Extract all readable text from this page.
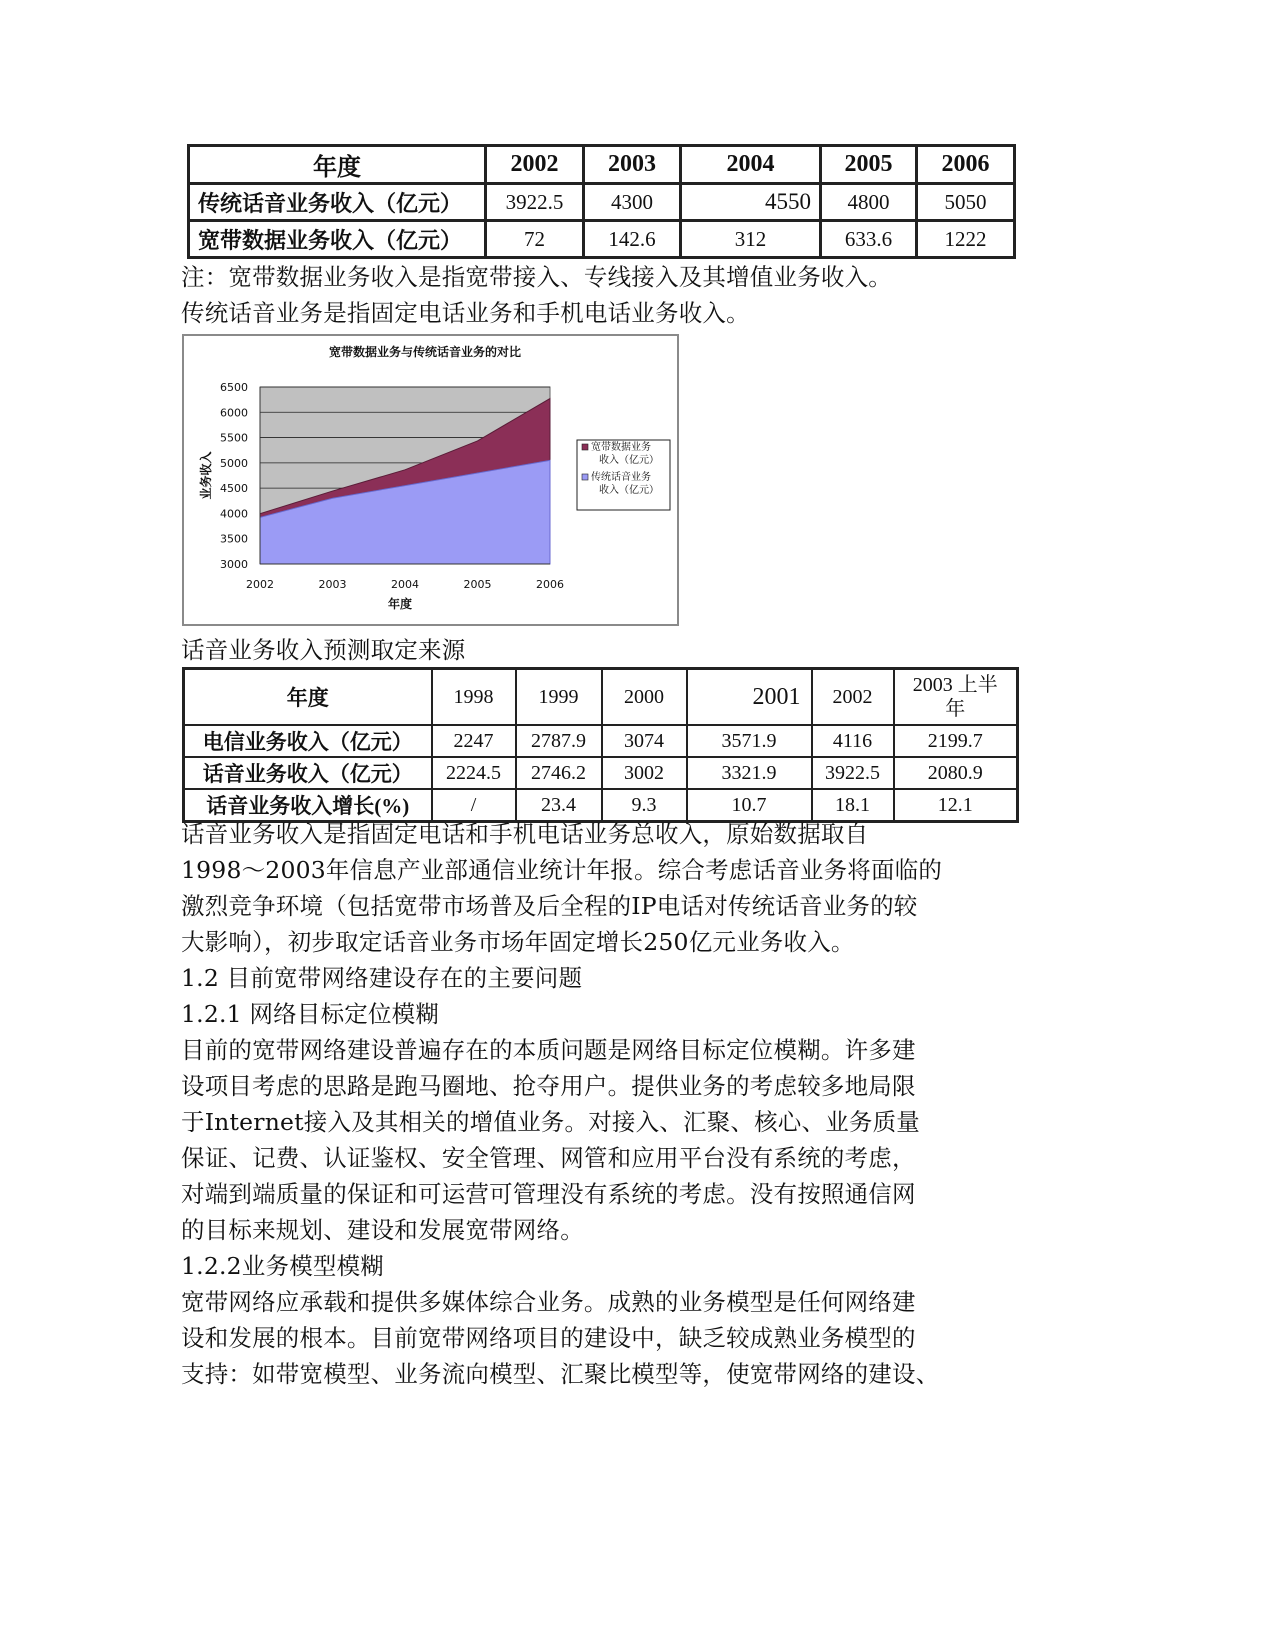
年度	2002	2003	2004	2005	2006
传统话音业务收入（亿元）	3922.5	4300	4550	4800	5050
宽带数据业务收入（亿元）	72	142.6	312	633.6	1222
注：宽带数据业务收入是指宽带接入、专线接入及其增值业务收入。
传统话音业务是指固定电话业务和手机电话业务收入。
宽带数据业务与传统话音业务的对比
3000
3500
4000
4500
5000
5500
6000
6500
2002	2003	2004	2005	2006
年度
业务收入
宽带数据业务
收入（亿元）
传统话音业务
收入（亿元）
话音业务收入预测取定来源
年度	1998	1999	2000	2001	2002	2003 上半年
电信业务收入（亿元）	2247	2787.9	3074	3571.9	4116	2199.7
话音业务收入（亿元）	2224.5	2746.2	3002	3321.9	3922.5	2080.9
话音业务收入增长(%)	/	23.4	9.3	10.7	18.1	12.1
话音业务收入是指固定电话和手机电话业务总收入，原始数据取自
1998～2003年信息产业部通信业统计年报。综合考虑话音业务将面临的
激烈竞争环境（包括宽带市场普及后全程的IP电话对传统话音业务的较
大影响），初步取定话音业务市场年固定增长250亿元业务收入。
1.2 目前宽带网络建设存在的主要问题
1.2.1 网络目标定位模糊
目前的宽带网络建设普遍存在的本质问题是网络目标定位模糊。许多建
设项目考虑的思路是跑马圈地、抢夺用户。提供业务的考虑较多地局限
于Internet接入及其相关的增值业务。对接入、汇聚、核心、业务质量
保证、记费、认证鉴权、安全管理、网管和应用平台没有系统的考虑，
对端到端质量的保证和可运营可管理没有系统的考虑。没有按照通信网
的目标来规划、建设和发展宽带网络。
1.2.2业务模型模糊
宽带网络应承载和提供多媒体综合业务。成熟的业务模型是任何网络建
设和发展的根本。目前宽带网络项目的建设中，缺乏较成熟业务模型的
支持：如带宽模型、业务流向模型、汇聚比模型等，使宽带网络的建设、
